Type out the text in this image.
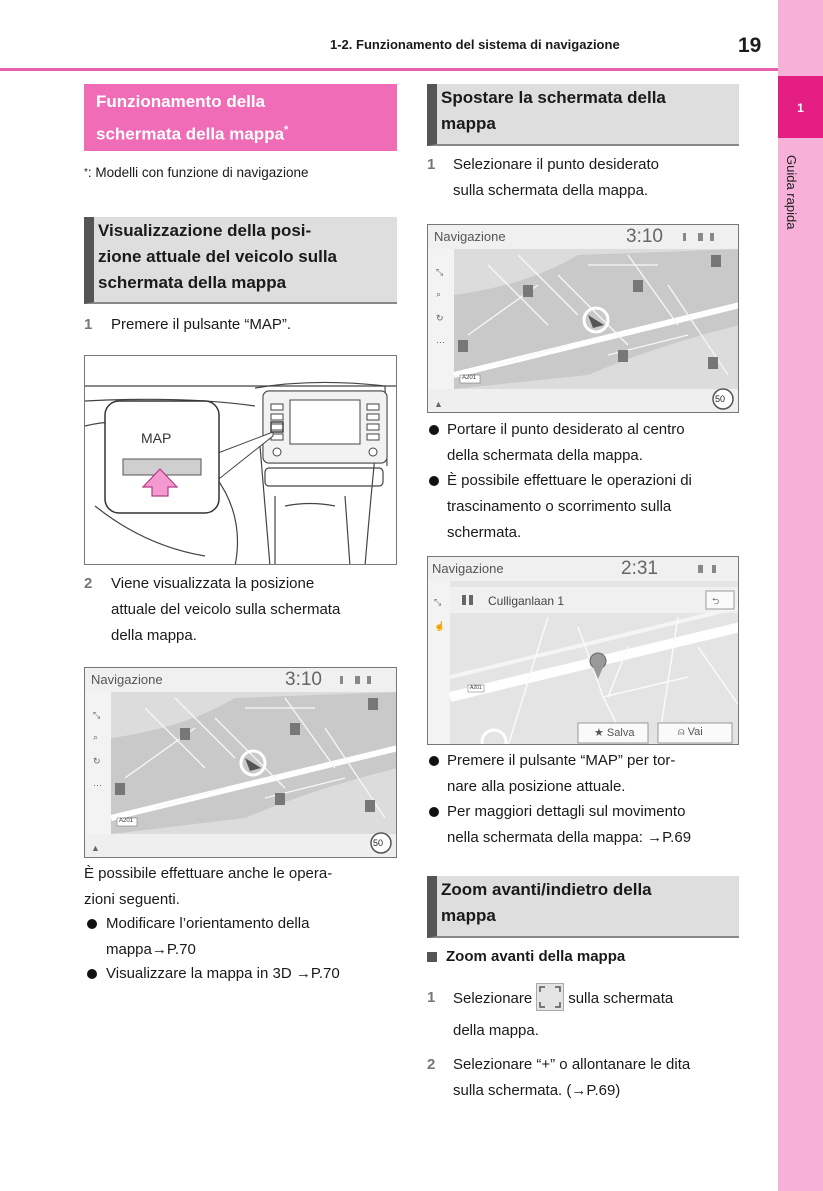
1-2. Funzionamento del sistema di navigazione	19
1
Guida rapida
Funzionamento della
schermata della mappa*
*: Modelli con funzione di navigazione
Visualizzazione della posi-
zione attuale del veicolo sulla
schermata della mappa
1 Premere il pulsante “MAP”.
MAP
2 Viene visualizzata la posizione
attuale del veicolo sulla schermata
della mappa.
⤡
⌕
↻
⋯
▲
Navigazione	3:10
A201
50
È possibile effettuare anche le opera-
zioni seguenti.
Modificare l’orientamento della
mappa→P.70
Visualizzare la mappa in 3D →P.70
Spostare la schermata della
mappa
1 Selezionare il punto desiderato
sulla schermata della mappa.
⤡
⌕
↻
⋯
▲
Navigazione	3:10
A201
50
Portare il punto desiderato al centro
della schermata della mappa.
È possibile effettuare le operazioni di
trascinamento o scorrimento sulla
schermata.
⤡
☝
⮌
Navigazione	2:31
Culliganlaan 1
★ Salva	⍝ Vai
A201
Premere il pulsante “MAP” per tor-
nare alla posizione attuale.
Per maggiori dettagli sul movimento
nella schermata della mappa: →P.69
Zoom avanti/indietro della
mappa
Zoom avanti della mappa
1 Selezionare sulla schermata
della mappa.
2 Selezionare “+” o allontanare le dita
sulla schermata. (→P.69)
